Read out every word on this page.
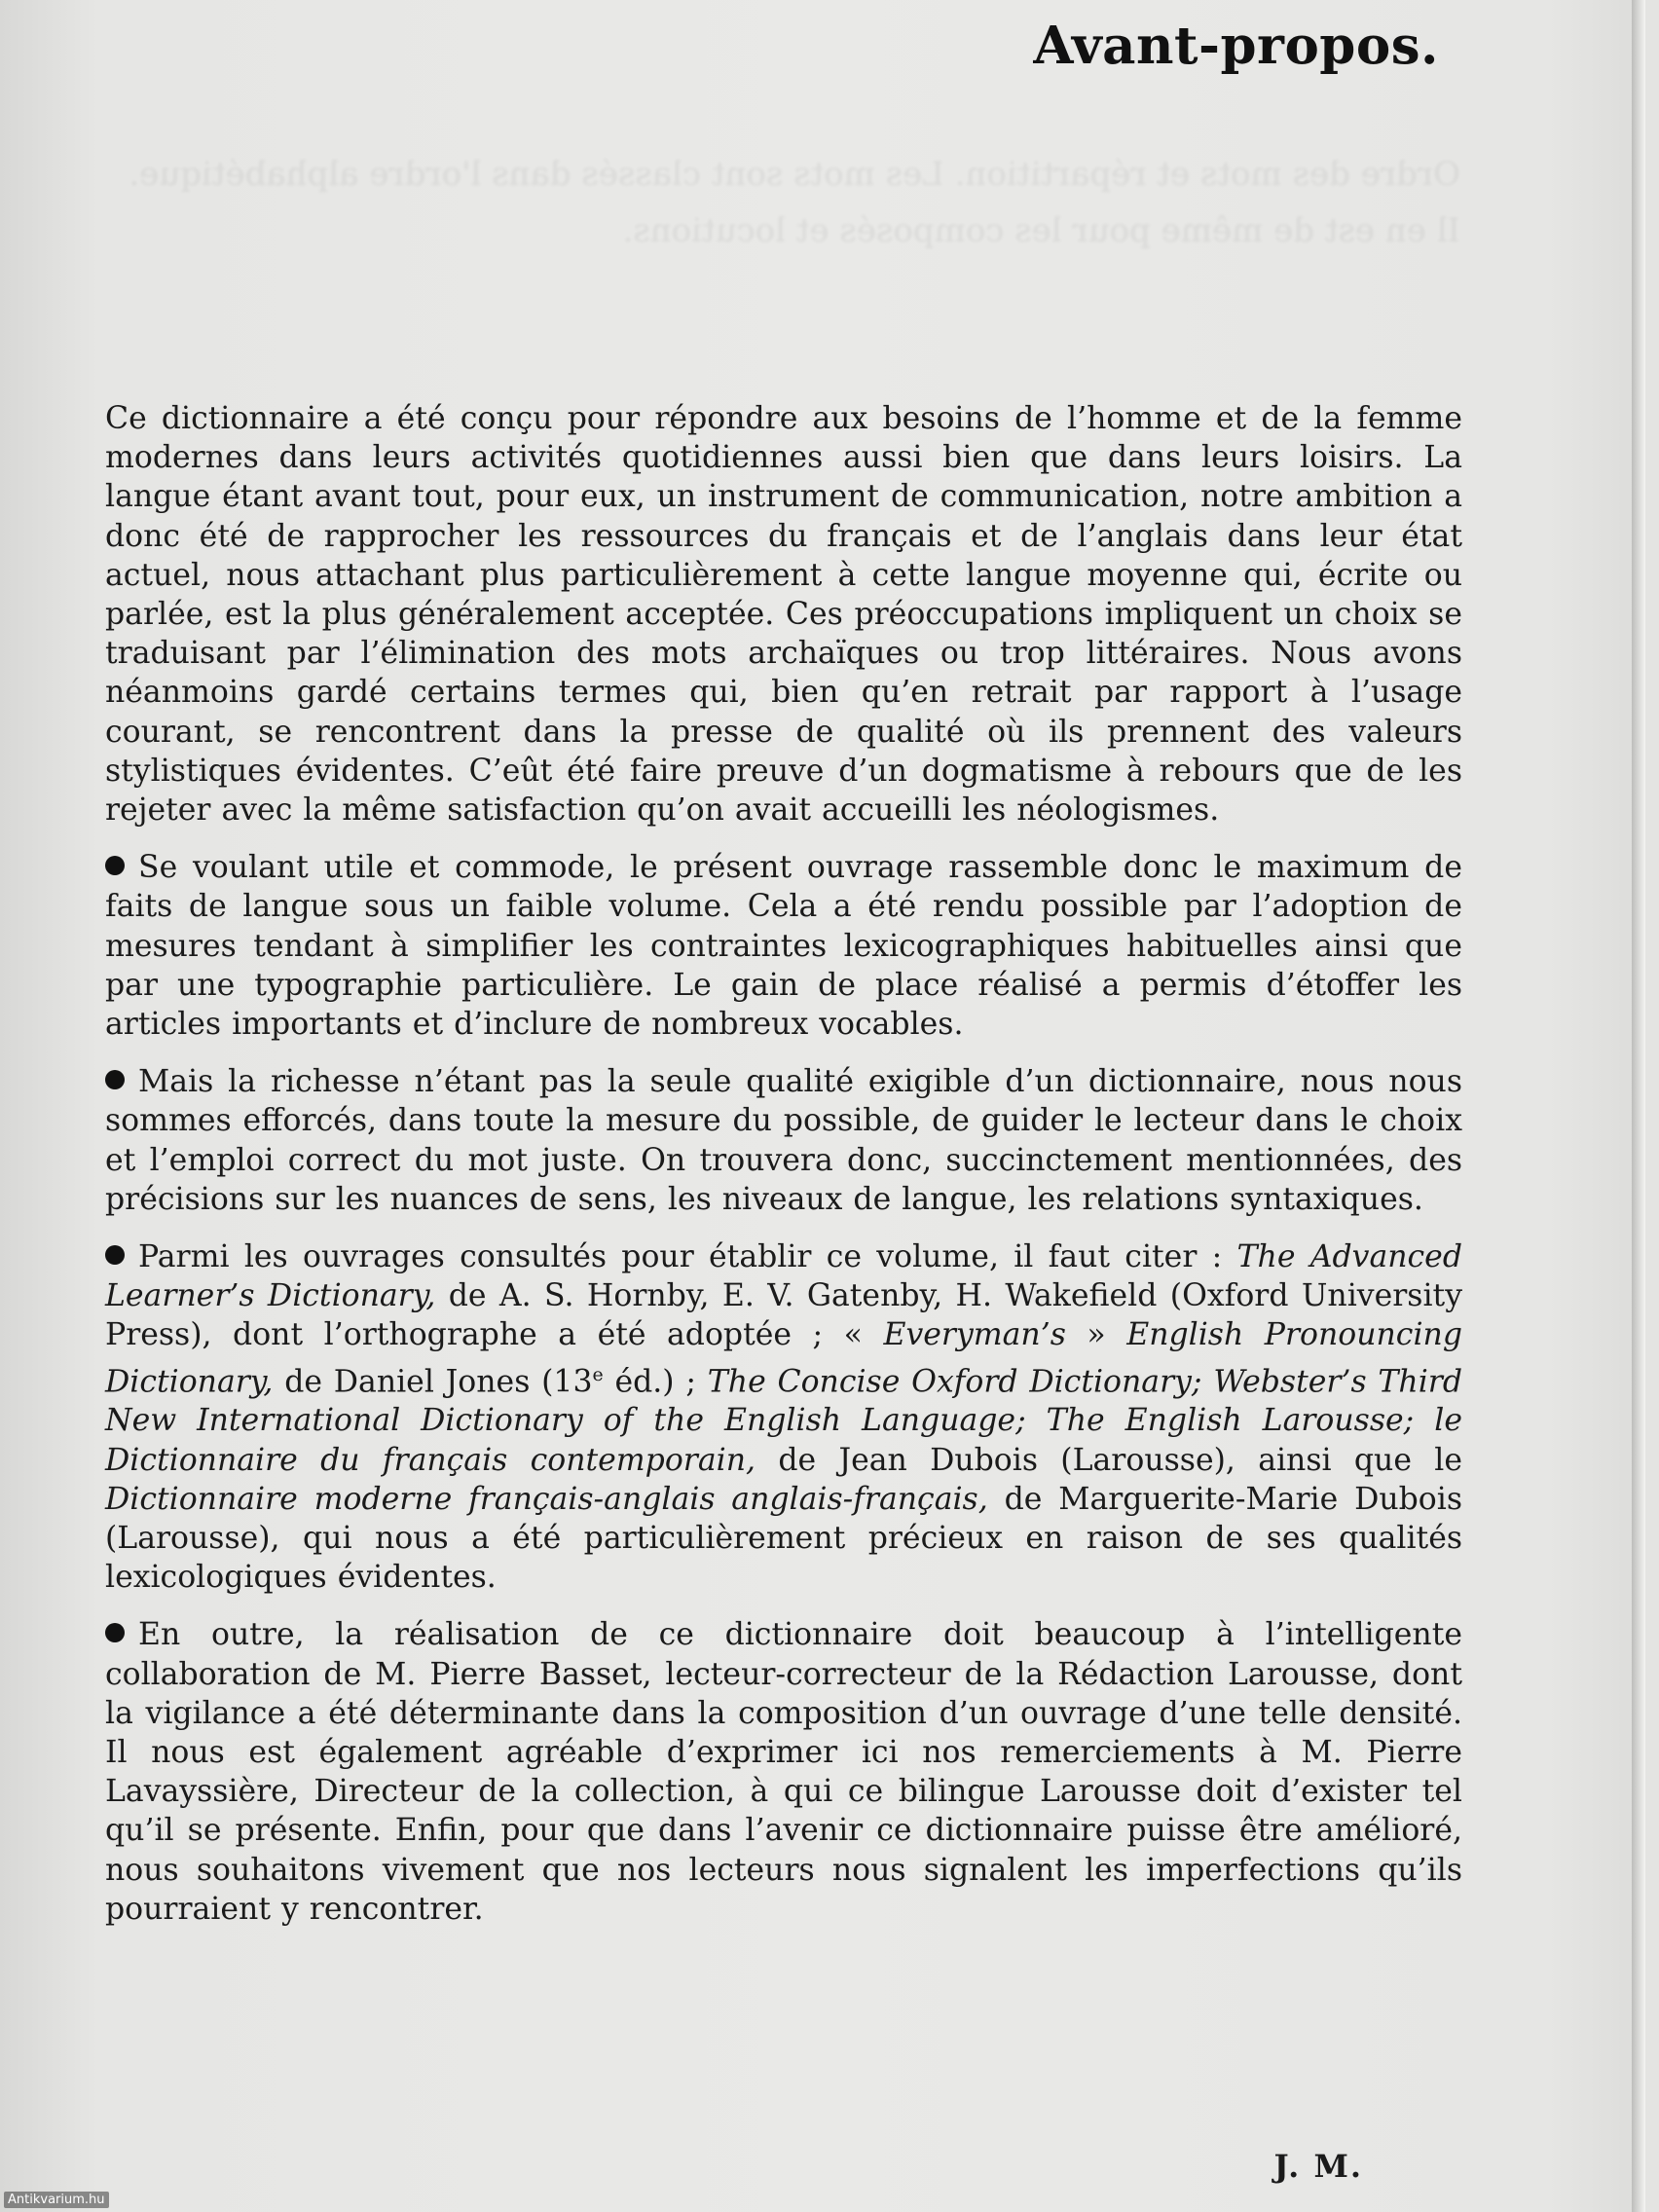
Avant-propos.
Ordre des mots et répartition. Les mots sont classés dans l'ordre alphabétique. Il en est de même pour les composés et locutions.

Ce dictionnaire a été conçu pour répondre aux besoins de l’homme et de la femme modernes dans leurs activités quotidiennes aussi bien que dans leurs loisirs. La langue étant avant tout, pour eux, un instrument de communication, notre ambition a donc été de rapprocher les ressources du français et de l’anglais dans leur état actuel, nous attachant plus particulièrement à cette langue moyenne qui, écrite ou parlée, est la plus généralement acceptée. Ces préoccupations impliquent un choix se traduisant par l’élimination des mots archaïques ou trop littéraires. Nous avons néanmoins gardé certains termes qui, bien qu’en retrait par rapport à l’usage courant, se rencontrent dans la presse de qualité où ils prennent des valeurs stylistiques évidentes. C’eût été faire preuve d’un dogmatisme à rebours que de les rejeter avec la même satisfaction qu’on avait accueilli les néologismes.

Se voulant utile et commode, le présent ouvrage rassemble donc le maximum de faits de langue sous un faible volume. Cela a été rendu possible par l’adoption de mesures tendant à simplifier les contraintes lexicographiques habituelles ainsi que par une typographie particulière. Le gain de place réalisé a permis d’étoffer les articles importants et d’inclure de nombreux vocables.

Mais la richesse n’étant pas la seule qualité exigible d’un dictionnaire, nous nous sommes efforcés, dans toute la mesure du possible, de guider le lecteur dans le choix et l’emploi correct du mot juste. On trouvera donc, succinctement mentionnées, des précisions sur les nuances de sens, les niveaux de langue, les relations syntaxiques.

Parmi les ouvrages consultés pour établir ce volume, il faut citer : The Advanced Learner’s Dictionary, de A. S. Hornby, E. V. Gatenby, H. Wakefield (Oxford University Press), dont l’orthographe a été adoptée ; « Everyman’s » English Pronouncing Dictionary, de Daniel Jones (13e éd.) ; The Concise Oxford Dictionary; Webster’s Third New International Dictionary of the English Language; The English Larousse; le Dictionnaire du français contemporain, de Jean Dubois (Larousse), ainsi que le Dictionnaire moderne français-anglais anglais-français, de Marguerite-Marie Dubois (Larousse), qui nous a été particulièrement précieux en raison de ses qualités lexicologiques évidentes.

En outre, la réalisation de ce dictionnaire doit beaucoup à l’intelligente collaboration de M. Pierre Basset, lecteur-correcteur de la Rédaction Larousse, dont la vigilance a été déterminante dans la composition d’un ouvrage d’une telle densité. Il nous est également agréable d’exprimer ici nos remerciements à M. Pierre Lavayssière, Directeur de la collection, à qui ce bilingue Larousse doit d’exister tel qu’il se présente. Enfin, pour que dans l’avenir ce dictionnaire puisse être amélioré, nous souhaitons vivement que nos lecteurs nous signalent les imperfections qu’ils pourraient y rencontrer.

J. M.

Antikvarium.hu
